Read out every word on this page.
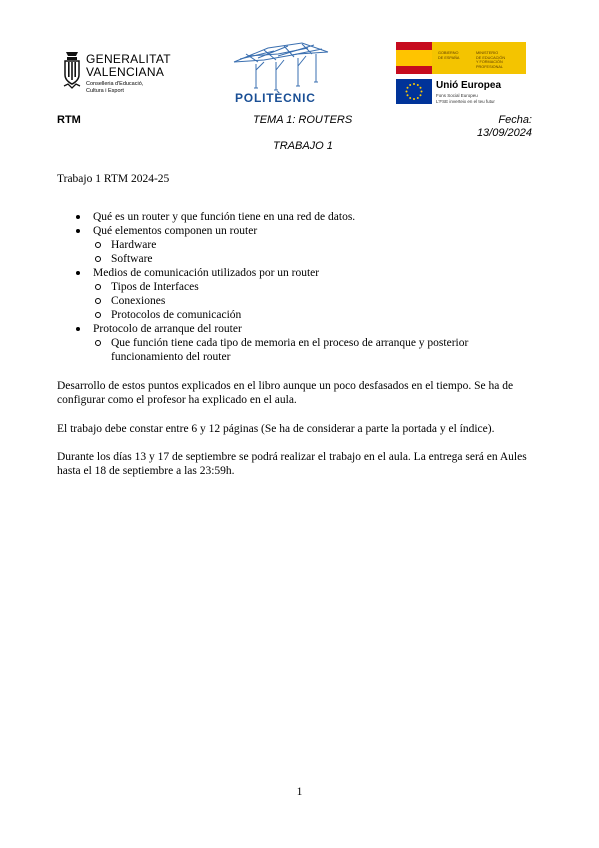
GENERALITAT
VALENCIANA
Conselleria d'Educació,
Cultura i Esport	POLITÈCNIC
GOBIERNO
DE ESPAÑA
MINISTERIO
DE EDUCACIÓN
Y FORMACIÓN PROFESIONAL
Unió Europea
Fons Social Europeu
L'FSE inverteix en el teu futur
RTM	TEMA 1: ROUTERS
TRABAJO 1
Fecha:
13/09/2024
Trabajo 1 RTM 2024-25
Qué es un router y que función tiene en una red de datos.
Qué elementos componen un router
Hardware
Software
Medios de comunicación utilizados por un router
Tipos de Interfaces
Conexiones
Protocolos de comunicación
Protocolo de arranque del router
Que función tiene cada tipo de memoria en el proceso de arranque y posterior funcionamiento del router

Desarrollo de estos puntos explicados en el libro aunque un poco desfasados en el tiempo. Se ha de configurar como el profesor ha explicado en el aula.

El trabajo debe constar entre 6 y 12 páginas (Se ha de considerar a parte la portada y el índice).

Durante los días 13 y 17 de septiembre se podrá realizar el trabajo en el aula. La entrega será en Aules hasta el 18 de septiembre a las 23:59h.

1
